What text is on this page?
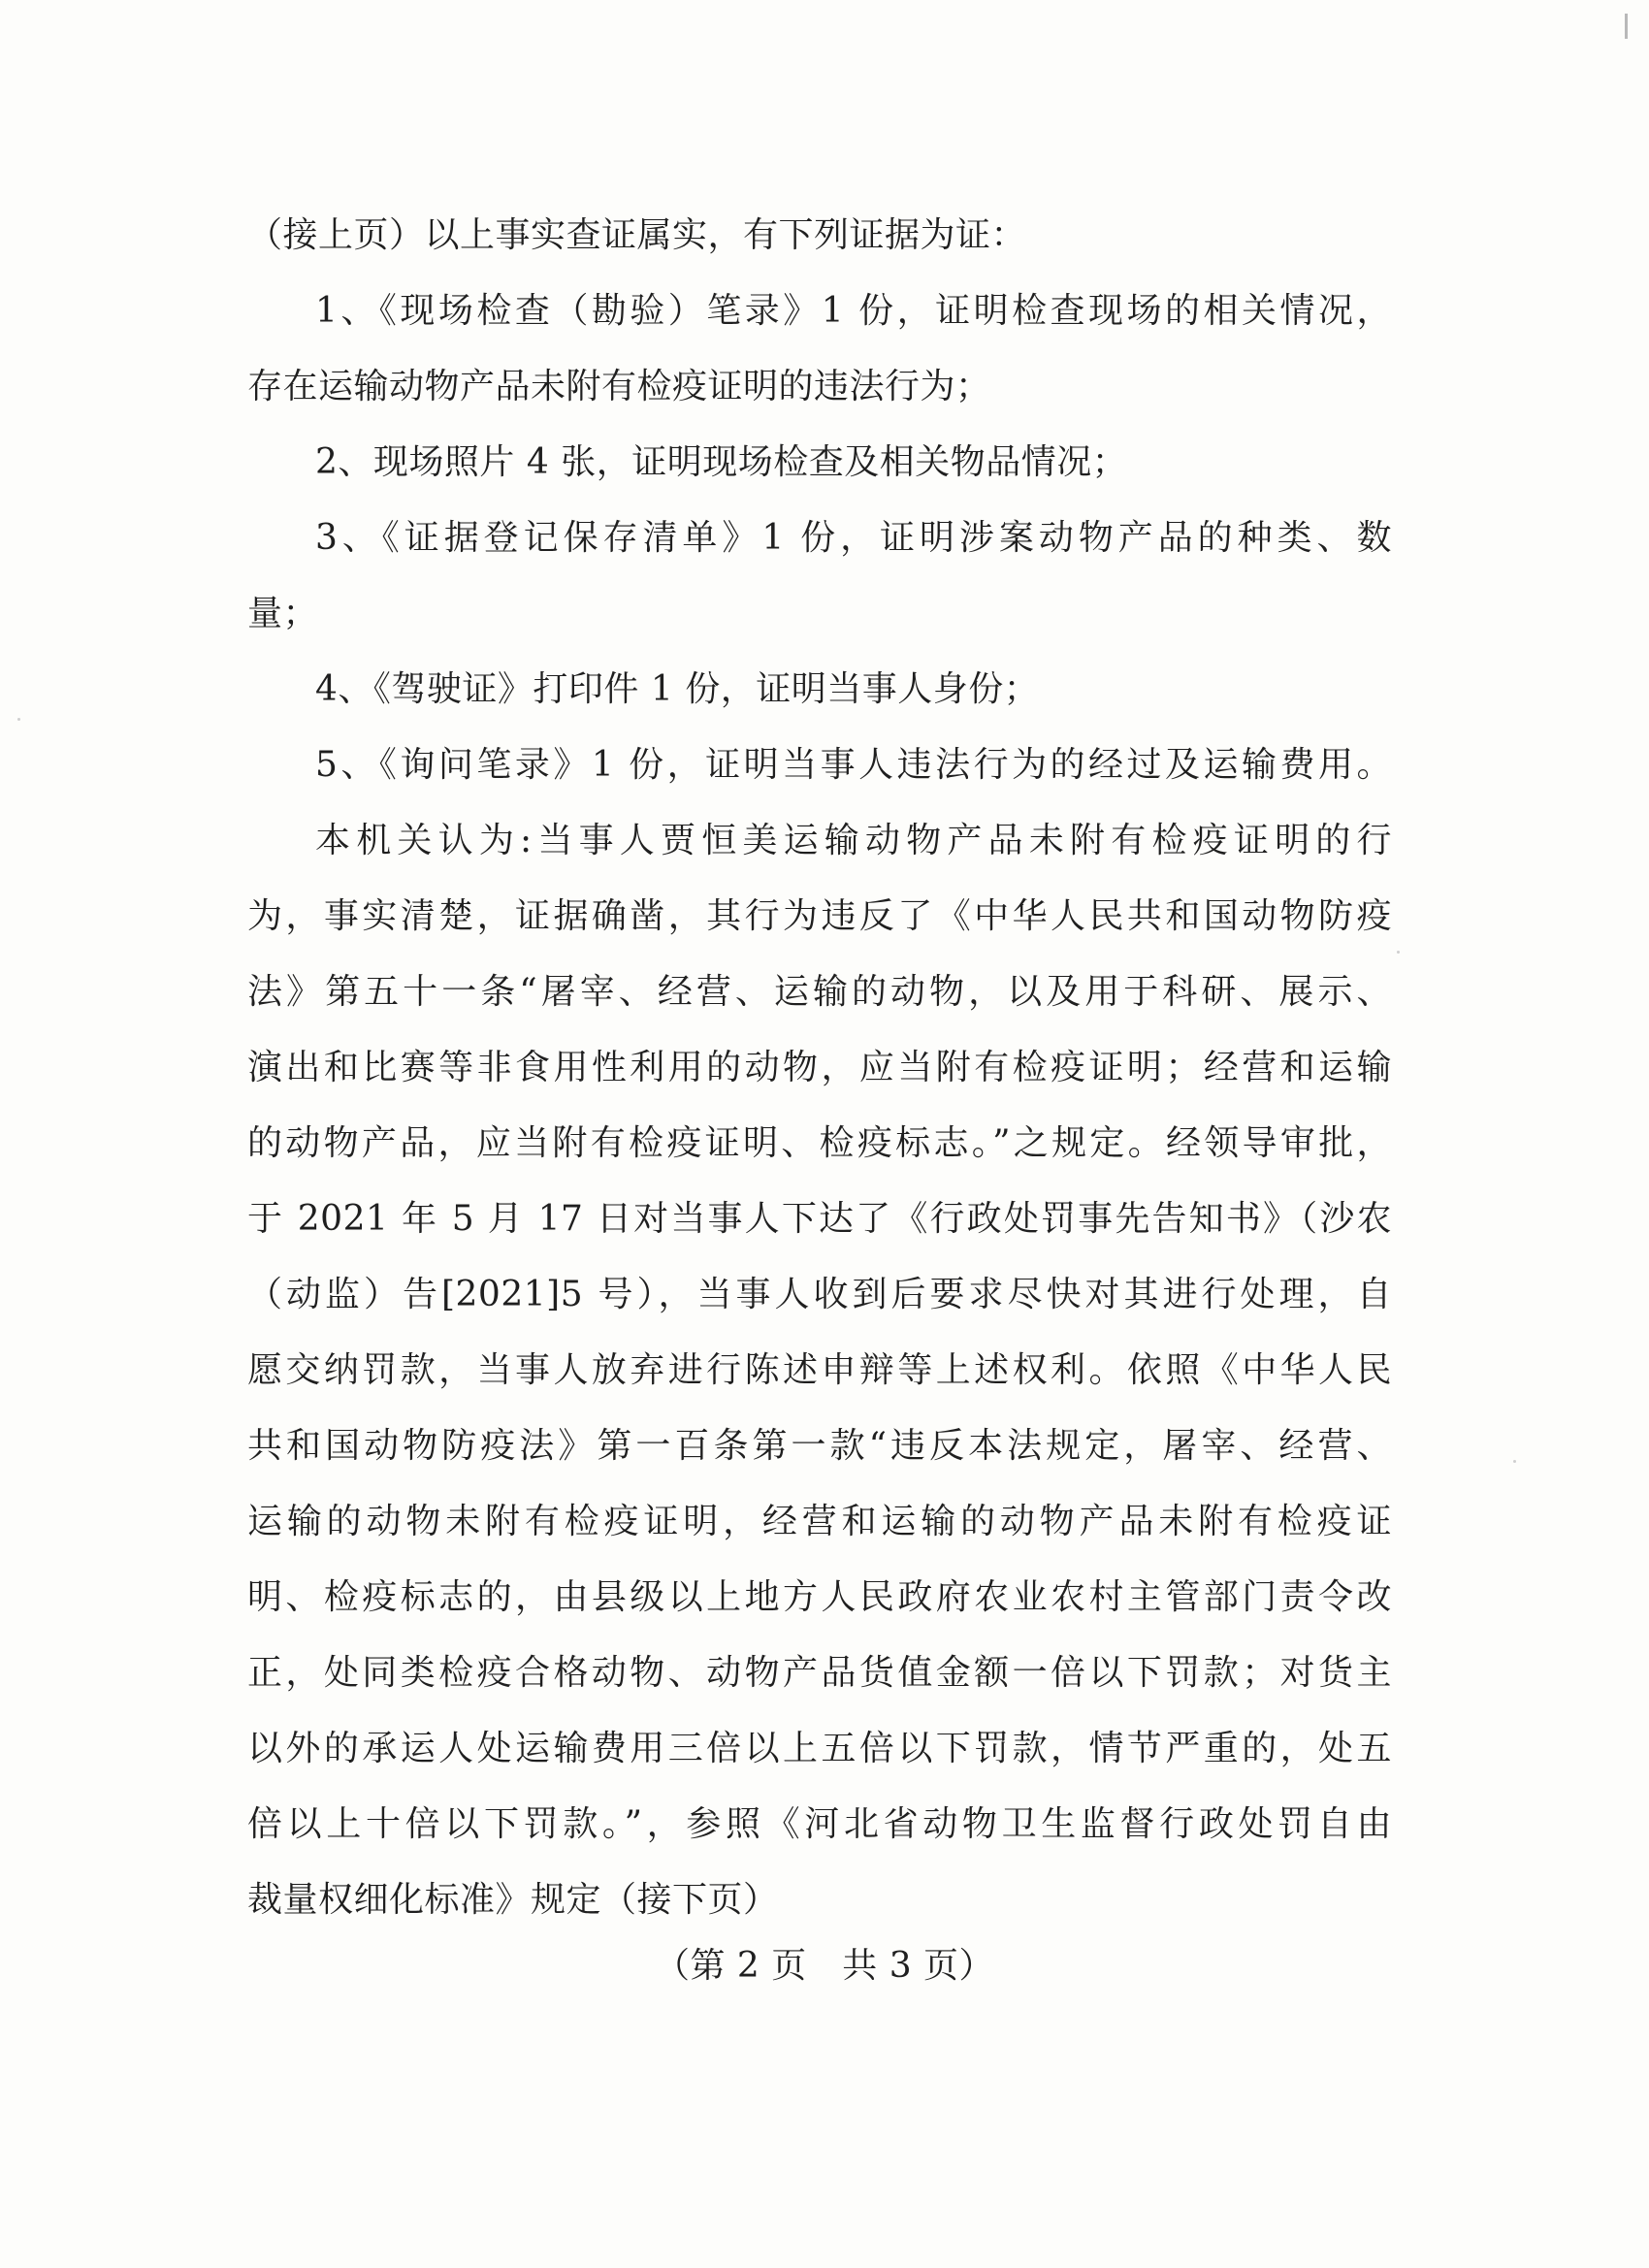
（接上页）以上事实查证属实，有下列证据为证：
1、《现场检查（勘验）笔录》1 份，证明检查现场的相关情况，
存在运输动物产品未附有检疫证明的违法行为；
2、现场照片 4 张，证明现场检查及相关物品情况；
3、《证据登记保存清单》1 份，证明涉案动物产品的种类、数
量；
4、《驾驶证》打印件 1 份，证明当事人身份；
5、《询问笔录》1 份，证明当事人违法行为的经过及运输费用。
本机关认为:当事人贾恒美运输动物产品未附有检疫证明的行
为，事实清楚，证据确凿，其行为违反了《中华人民共和国动物防疫
法》第五十一条“屠宰、经营、运输的动物，以及用于科研、展示、
演出和比赛等非食用性利用的动物，应当附有检疫证明；经营和运输
的动物产品，应当附有检疫证明、检疫标志。”之规定。经领导审批，
于 2021 年 5 月 17 日对当事人下达了《行政处罚事先告知书》（沙农
（动监）告[2021]5 号），当事人收到后要求尽快对其进行处理，自
愿交纳罚款，当事人放弃进行陈述申辩等上述权利。依照《中华人民
共和国动物防疫法》第一百条第一款“违反本法规定，屠宰、经营、
运输的动物未附有检疫证明，经营和运输的动物产品未附有检疫证
明、检疫标志的，由县级以上地方人民政府农业农村主管部门责令改
正，处同类检疫合格动物、动物产品货值金额一倍以下罚款；对货主
以外的承运人处运输费用三倍以上五倍以下罚款，情节严重的，处五
倍以上十倍以下罚款。”，参照《河北省动物卫生监督行政处罚自由
裁量权细化标准》规定（接下页）
（第 2 页　共 3 页）
